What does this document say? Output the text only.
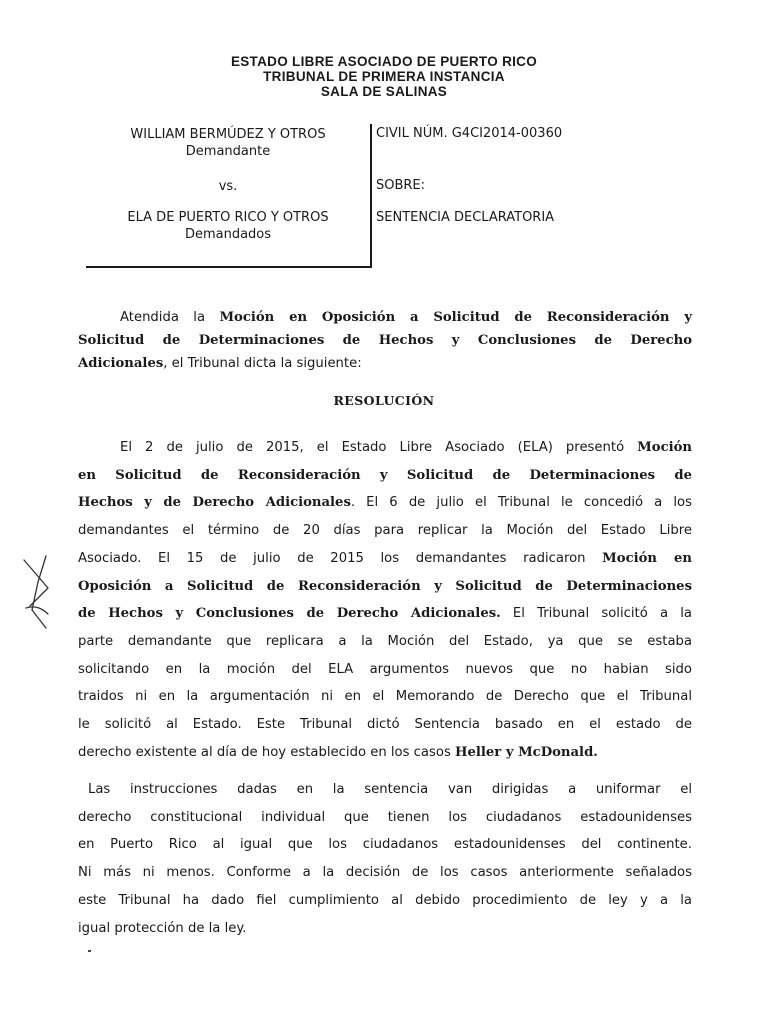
ESTADO LIBRE ASOCIADO DE PUERTO RICO
TRIBUNAL DE PRIMERA INSTANCIA
SALA DE SALINAS
WILLIAM BERMÚDEZ Y OTROS
Demandante
vs.
ELA DE PUERTO RICO Y OTROS
Demandados
CIVIL NÚM. G4CI2014-00360
SOBRE:
SENTENCIA DECLARATORIA
Atendida la Moción en Oposición a Solicitud de Reconsideración y
Solicitud de Determinaciones de Hechos y Conclusiones de Derecho
Adicionales, el Tribunal dicta la siguiente:
RESOLUCIÓN
El 2 de julio de 2015, el Estado Libre Asociado (ELA) presentó Moción
en Solicitud de Reconsideración y Solicitud de Determinaciones de
Hechos y de Derecho Adicionales. El 6 de julio el Tribunal le concedió a los
demandantes el término de 20 días para replicar la Moción del Estado Libre
Asociado. El 15 de julio de 2015 los demandantes radicaron Moción en
Oposición a Solicitud de Reconsideración y Solicitud de Determinaciones
de Hechos y Conclusiones de Derecho Adicionales. El Tribunal solicitó a la
parte demandante que replicara a la Moción del Estado, ya que se estaba
solicitando en la moción del ELA argumentos nuevos que no habian sido
traidos ni en la argumentación ni en el Memorando de Derecho que el Tribunal
le solicitó al Estado. Este Tribunal dictó Sentencia basado en el estado de
derecho existente al día de hoy establecido en los casos Heller y McDonald.
Las instrucciones dadas en la sentencia van dirigidas a uniformar el
derecho constitucional individual que tienen los ciudadanos estadounidenses
en Puerto Rico al igual que los ciudadanos estadounidenses del continente.
Ni más ni menos. Conforme a la decisión de los casos anteriormente señalados
este Tribunal ha dado fiel cumplimiento al debido procedimiento de ley y a la
igual protección de la ley.
